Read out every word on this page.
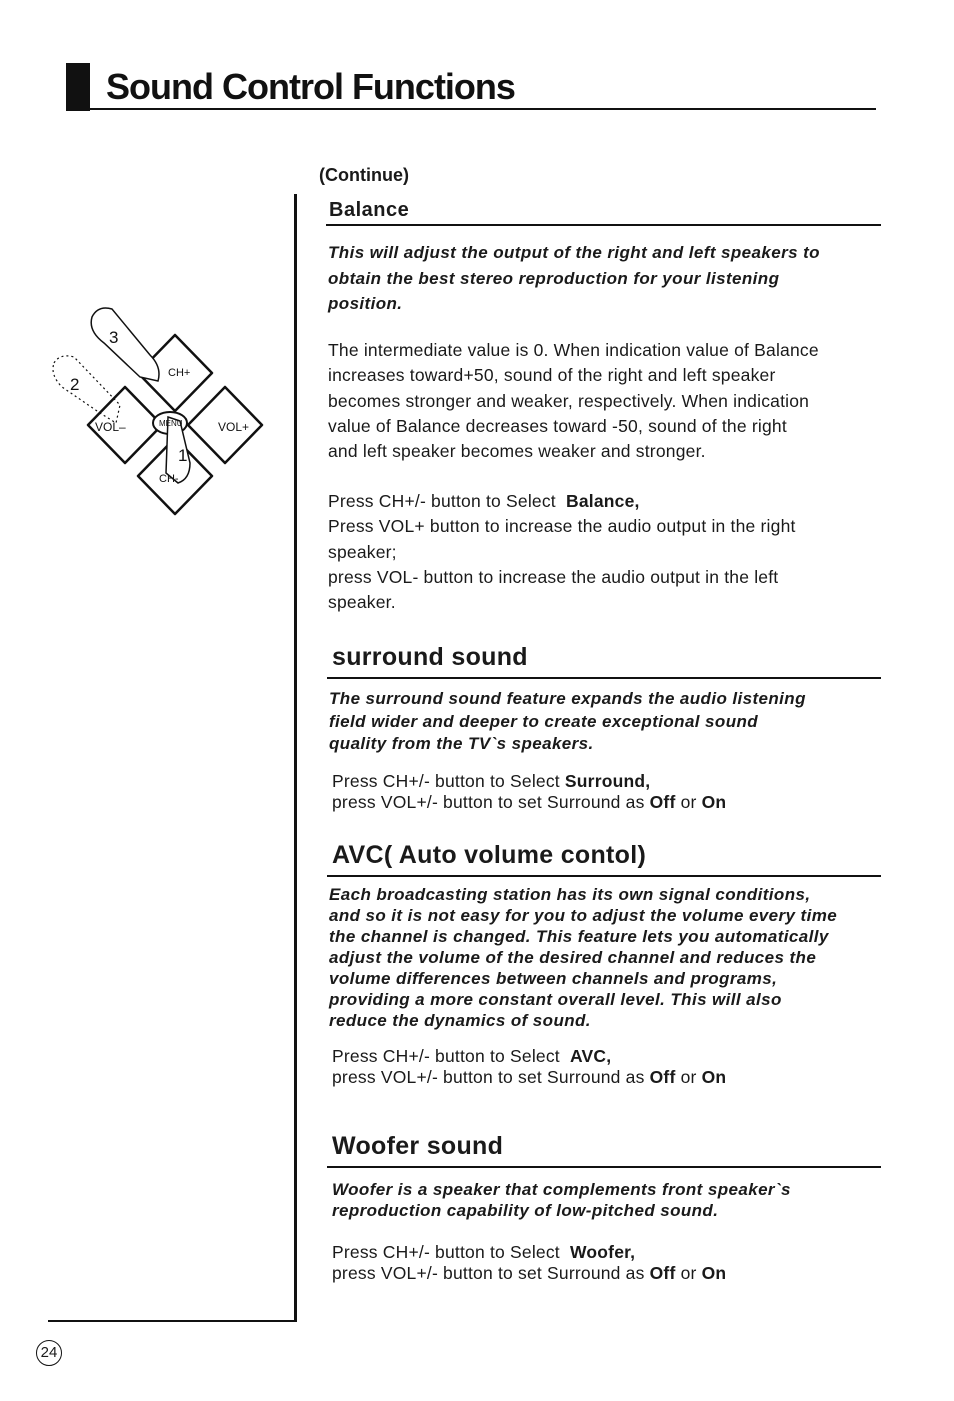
Sound Control Functions
CH+
VOL–	VOL+
MENU
CH-
3
2
1
(Continue)
Balance
This will adjust the output of the right and left speakers to
obtain the best stereo reproduction for your listening
position.
The intermediate value is 0. When indication value of Balance
increases toward+50, sound of the right and left speaker
becomes stronger and weaker, respectively. When indication
value of Balance decreases toward -50, sound of the right
and left speaker becomes weaker and stronger.
Press CH+/- button to Select Balance,
Press VOL+ button to increase the audio output in the right
speaker;
press VOL- button to increase the audio output in the left
speaker.
surround sound
The surround sound feature expands the audio listening
field wider and deeper to create exceptional sound
quality from the TV`s speakers.
Press CH+/- button to Select Surround,
press VOL+/- button to set Surround as Off or On
AVC( Auto volume contol)
Each broadcasting station has its own signal conditions,
and so it is not easy for you to adjust the volume every time
the channel is changed. This feature lets you automatically
adjust the volume of the desired channel and reduces the
volume differences between channels and programs,
providing a more constant overall level. This will also
reduce the dynamics of sound.
Press CH+/- button to Select AVC,
press VOL+/- button to set Surround as Off or On
Woofer sound
Woofer is a speaker that complements front speaker`s
reproduction capability of low-pitched sound.
Press CH+/- button to Select Woofer,
press VOL+/- button to set Surround as Off or On
24
